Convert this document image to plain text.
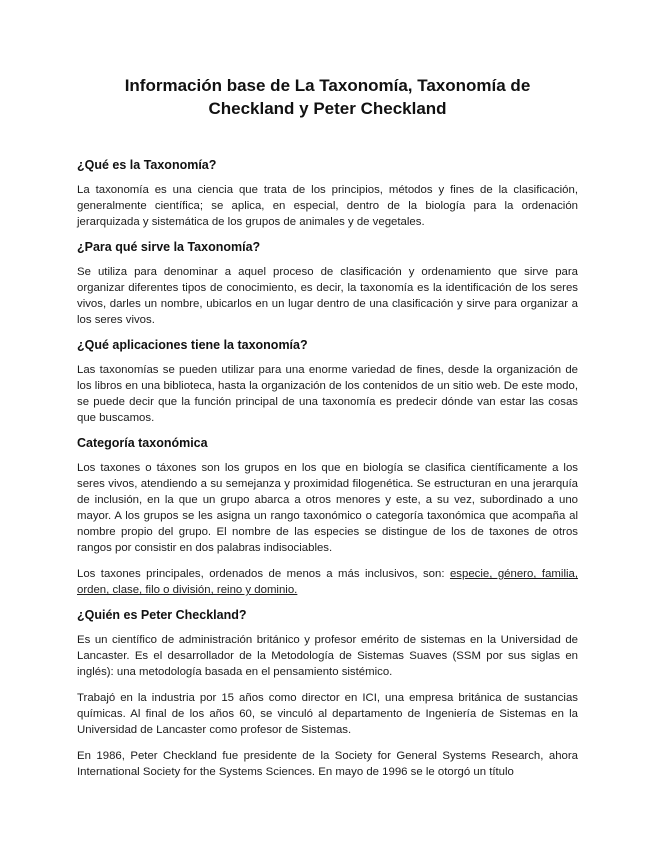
Información base de La Taxonomía, Taxonomía de
Checkland y Peter Checkland
¿Qué es la Taxonomía?

La taxonomía es una ciencia que trata de los principios, métodos y fines de la clasificación, generalmente científica; se aplica, en especial, dentro de la biología para la ordenación jerarquizada y sistemática de los grupos de animales y de vegetales.

¿Para qué sirve la Taxonomía?

Se utiliza para denominar a aquel proceso de clasificación y ordenamiento que sirve para organizar diferentes tipos de conocimiento, es decir, la taxonomía es la identificación de los seres vivos, darles un nombre, ubicarlos en un lugar dentro de una clasificación y sirve para organizar a los seres vivos.

¿Qué aplicaciones tiene la taxonomía?

Las taxonomías se pueden utilizar para una enorme variedad de fines, desde la organización de los libros en una biblioteca, hasta la organización de los contenidos de un sitio web. De este modo, se puede decir que la función principal de una taxonomía es predecir dónde van estar las cosas que buscamos.

Categoría taxonómica

Los taxones o táxones son los grupos en los que en biología se clasifica científicamente a los seres vivos, atendiendo a su semejanza y proximidad filogenética. Se estructuran en una jerarquía de inclusión, en la que un grupo abarca a otros menores y este, a su vez, subordinado a uno mayor. A los grupos se les asigna un rango taxonómico o categoría taxonómica que acompaña al nombre propio del grupo. El nombre de las especies se distingue de los de taxones de otros rangos por consistir en dos palabras indisociables.

Los taxones principales, ordenados de menos a más inclusivos, son: especie, género, familia, orden, clase, filo o división, reino y dominio.

¿Quién es Peter Checkland?

Es un científico de administración británico y profesor emérito de sistemas en la Universidad de Lancaster. Es el desarrollador de la Metodología de Sistemas Suaves (SSM por sus siglas en inglés): una metodología basada en el pensamiento sistémico.

Trabajó en la industria por 15 años como director en ICI, una empresa británica de sustancias químicas. Al final de los años 60, se vinculó al departamento de Ingeniería de Sistemas en la Universidad de Lancaster como profesor de Sistemas.

En 1986, Peter Checkland fue presidente de la Society for General Systems Research, ahora International Society for the Systems Sciences. En mayo de 1996 se le otorgó un título
